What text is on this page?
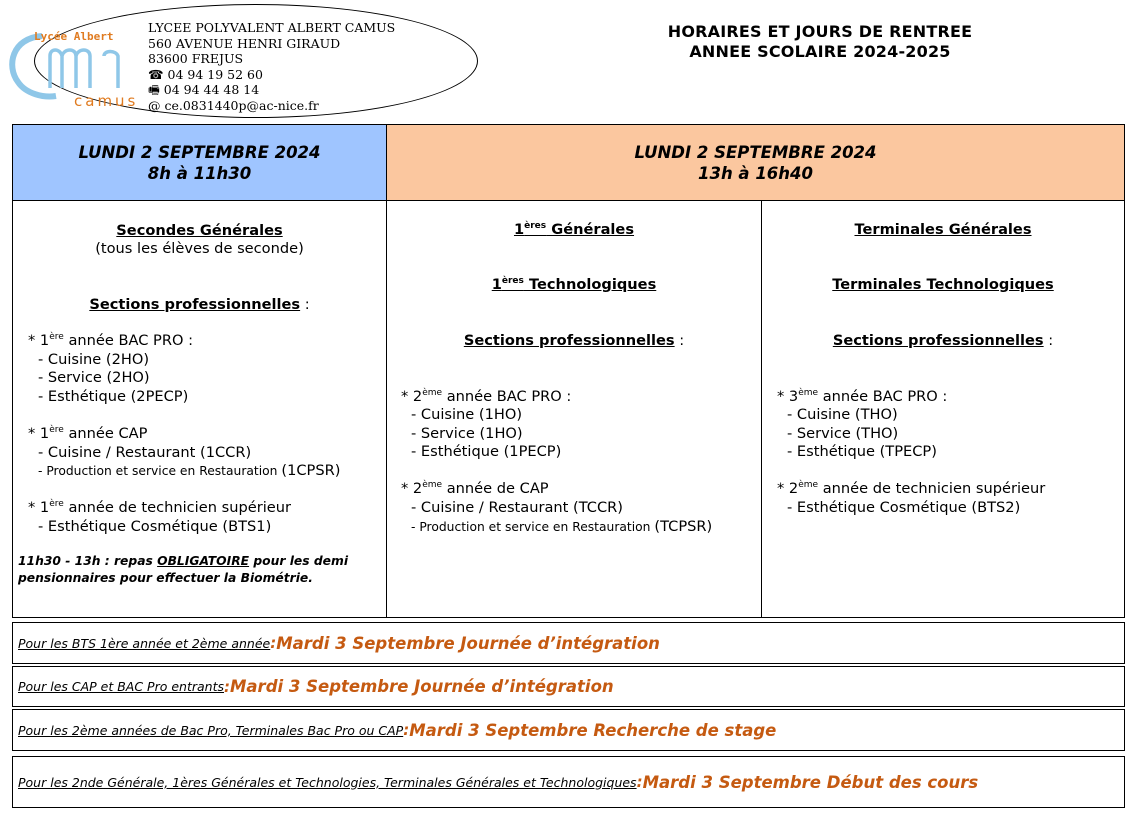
Lycée Albert
camus
LYCEE POLYVALENT ALBERT CAMUS
560 AVENUE HENRI GIRAUD
83600 FREJUS
☎ 04 94 19 52 60
🖷 04 94 44 48 14
@ ce.0831440p@ac-nice.fr
HORAIRES ET JOURS DE RENTREE
ANNEE SCOLAIRE 2024-2025
LUNDI 2 SEPTEMBRE 2024
8h à 11h30
LUNDI 2 SEPTEMBRE 2024
13h à 16h40
Secondes Générales
(tous les élèves de seconde)
Sections professionnelles :
* 1ère année BAC PRO :
- Cuisine (2HO)
- Service (2HO)
- Esthétique (2PECP)
* 1ère année CAP
- Cuisine / Restaurant (1CCR)
- Production et service en Restauration (1CPSR)
* 1ère année de technicien supérieur
- Esthétique Cosmétique (BTS1)
11h30 - 13h : repas OBLIGATOIRE pour les demi pensionnaires pour effectuer la Biométrie.
1ères Générales
1ères Technologiques
Sections professionnelles :
* 2ème année BAC PRO :
- Cuisine (1HO)
- Service (1HO)
- Esthétique (1PECP)
* 2ème année de CAP
- Cuisine / Restaurant (TCCR)
- Production et service en Restauration (TCPSR)
Terminales Générales
Terminales Technologiques
Sections professionnelles :
* 3ème année BAC PRO :
- Cuisine (THO)
- Service (THO)
- Esthétique (TPECP)
* 2ème année de technicien supérieur
- Esthétique Cosmétique (BTS2)
Pour les BTS 1ère année et 2ème année : Mardi 3 Septembre Journée d’intégration
Pour les CAP et BAC Pro entrants : Mardi 3 Septembre Journée d’intégration
Pour les 2ème années de Bac Pro, Terminales Bac Pro ou CAP : Mardi 3 Septembre Recherche de stage
Pour les 2nde Générale, 1ères Générales et Technologies, Terminales Générales et Technologiques : Mardi 3 Septembre Début des cours
